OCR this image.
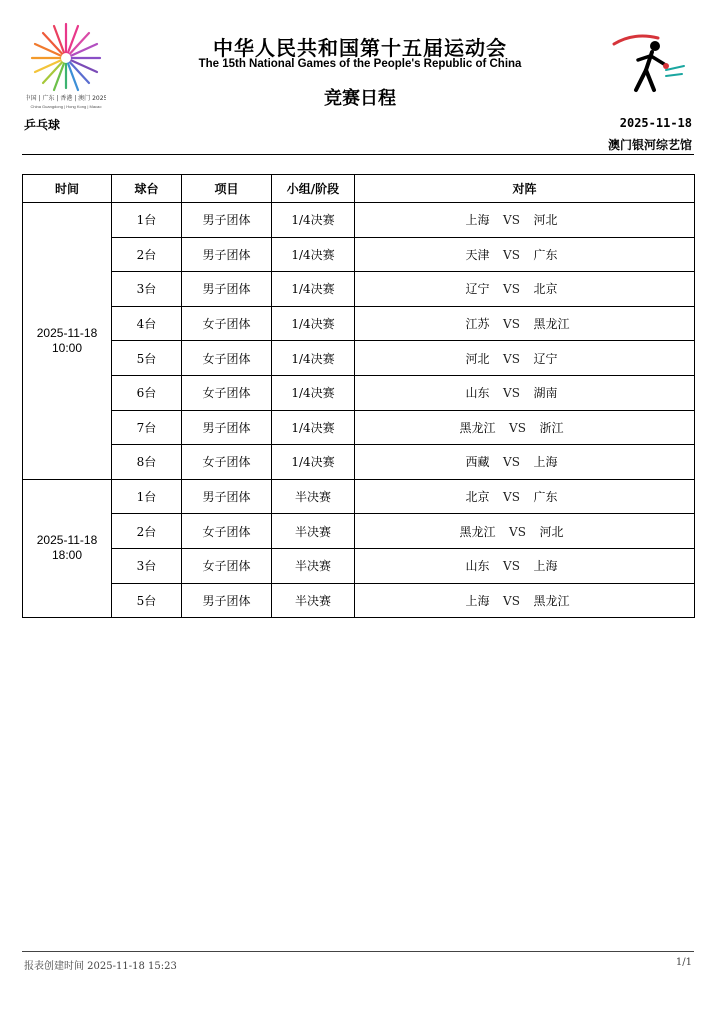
中国 | 广东 | 香港 | 澳门 2025
China Guangdong | Hong Kong | Macao
中华人民共和国第十五届运动会
The 15th National Games of the People's Republic of China
竞赛日程
乒乓球	2025-11-18
澳门银河综艺馆
时间	球台	项目	小组/阶段	对阵

2025-11-18
10:00	1台	男子团体	1/4决赛	上海 VS 河北
	2台	男子团体	1/4决赛	天津 VS 广东
	3台	男子团体	1/4决赛	辽宁 VS 北京
	4台	女子团体	1/4决赛	江苏 VS 黑龙江
	5台	女子团体	1/4决赛	河北 VS 辽宁
	6台	女子团体	1/4决赛	山东 VS 湖南
	7台	男子团体	1/4决赛	黑龙江 VS 浙江
	8台	女子团体	1/4决赛	西藏 VS 上海

2025-11-18
18:00	1台	男子团体	半决赛	北京 VS 广东
	2台	女子团体	半决赛	黑龙江 VS 河北
	3台	女子团体	半决赛	山东 VS 上海
	5台	男子团体	半决赛	上海 VS 黑龙江
报表创建时间 2025-11-18 15:23	1/1
